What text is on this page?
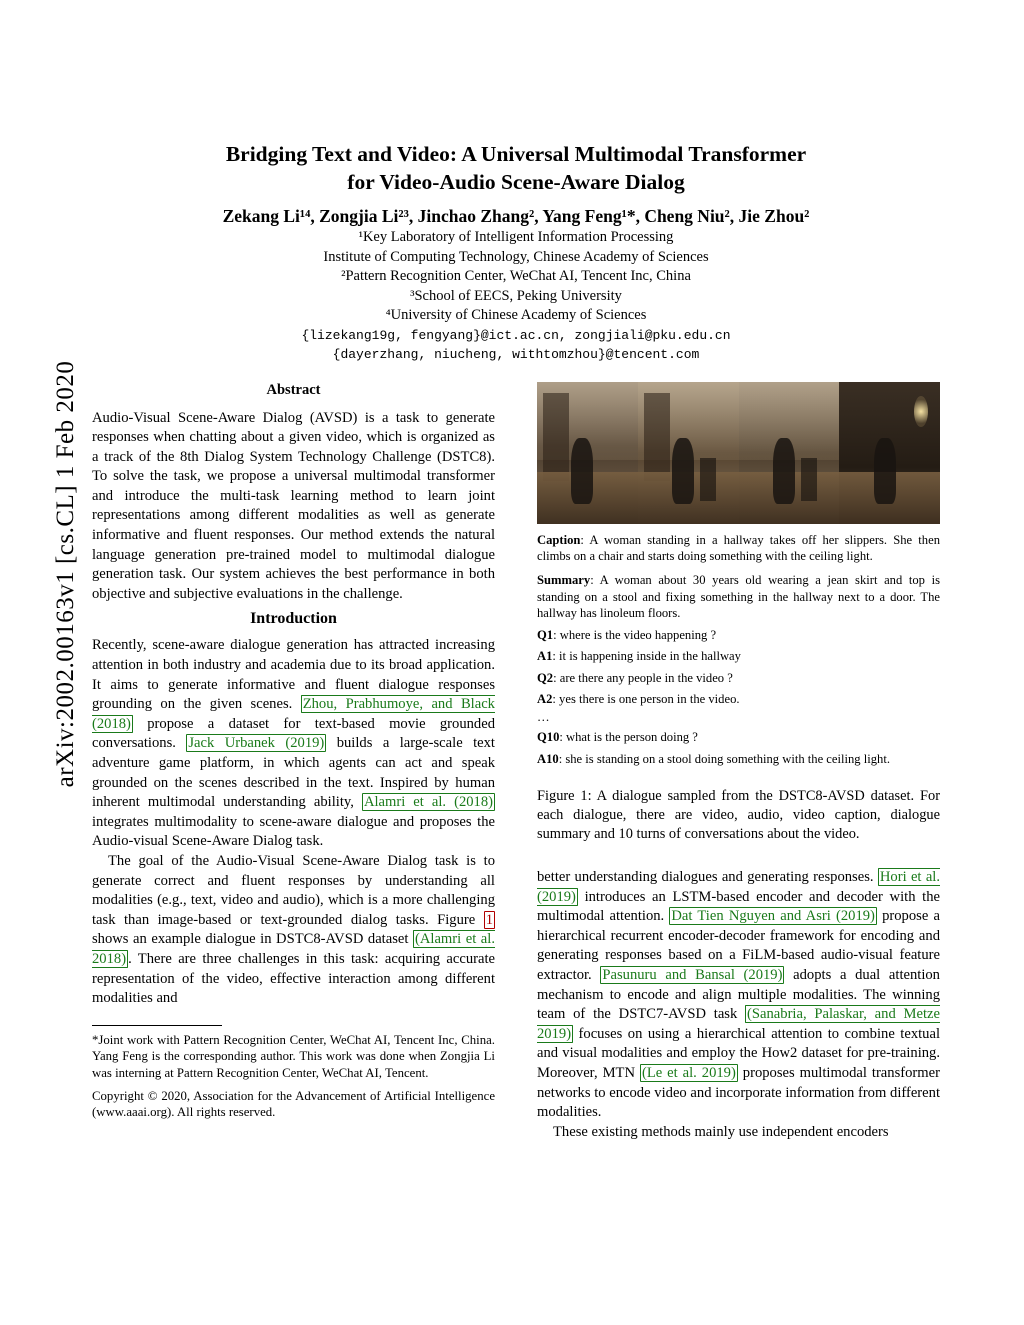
arXiv:2002.00163v1 [cs.CL] 1 Feb 2020
Bridging Text and Video: A Universal Multimodal Transformer
for Video-Audio Scene-Aware Dialog
Zekang Li¹⁴, Zongjia Li²³, Jinchao Zhang², Yang Feng¹*, Cheng Niu², Jie Zhou²
¹Key Laboratory of Intelligent Information Processing
Institute of Computing Technology, Chinese Academy of Sciences
²Pattern Recognition Center, WeChat AI, Tencent Inc, China
³School of EECS, Peking University
⁴University of Chinese Academy of Sciences
{lizekang19g, fengyang}@ict.ac.cn, zongjiali@pku.edu.cn
{dayerzhang, niucheng, withtomzhou}@tencent.com
Abstract

Audio-Visual Scene-Aware Dialog (AVSD) is a task to generate responses when chatting about a given video, which is organized as a track of the 8th Dialog System Technology Challenge (DSTC8). To solve the task, we propose a universal multimodal transformer and introduce the multi-task learning method to learn joint representations among different modalities as well as generate informative and fluent responses. Our method extends the natural language generation pre-trained model to multimodal dialogue generation task. Our system achieves the best performance in both objective and subjective evaluations in the challenge.

Introduction

Recently, scene-aware dialogue generation has attracted increasing attention in both industry and academia due to its broad application. It aims to generate informative and fluent dialogue responses grounding on the given scenes. Zhou, Prabhumoye, and Black (2018) propose a dataset for text-based movie grounded conversations. Jack Urbanek (2019) builds a large-scale text adventure game platform, in which agents can act and speak grounded on the scenes described in the text. Inspired by human inherent multimodal understanding ability, Alamri et al. (2018) integrates multimodality to scene-aware dialogue and proposes the Audio-visual Scene-Aware Dialog task.

The goal of the Audio-Visual Scene-Aware Dialog task is to generate correct and fluent responses by understanding all modalities (e.g., text, video and audio), which is a more challenging task than image-based or text-grounded dialog tasks. Figure 1 shows an example dialogue in DSTC8-AVSD dataset (Alamri et al. 2018) . There are three challenges in this task: acquiring accurate representation of the video, effective interaction among different modalities and

*Joint work with Pattern Recognition Center, WeChat AI, Tencent Inc, China. Yang Feng is the corresponding author. This work was done when Zongjia Li was interning at Pattern Recognition Center, WeChat AI, Tencent.

Copyright © 2020, Association for the Advancement of Artificial Intelligence (www.aaai.org). All rights reserved.

Caption: A woman standing in a hallway takes off her slippers. She then climbs on a chair and starts doing something with the ceiling light.

Summary: A woman about 30 years old wearing a jean skirt and top is standing on a stool and fixing something in the hallway next to a door. The hallway has linoleum floors.

Q1: where is the video happening ?

A1: it is happening inside in the hallway

Q2: are there any people in the video ?

A2: yes there is one person in the video.

…

Q10: what is the person doing ?

A10: she is standing on a stool doing something with the ceiling light.

Figure 1: A dialogue sampled from the DSTC8-AVSD dataset. For each dialogue, there are video, audio, video caption, dialogue summary and 10 turns of conversations about the video.

better understanding dialogues and generating responses. Hori et al. (2019) introduces an LSTM-based encoder and decoder with the multimodal attention. Dat Tien Nguyen and Asri (2019) propose a hierarchical recurrent encoder-decoder framework for encoding and generating responses based on a FiLM-based audio-visual feature extractor. Pasunuru and Bansal (2019) adopts a dual attention mechanism to encode and align multiple modalities. The winning team of the DSTC7-AVSD task (Sanabria, Palaskar, and Metze 2019) focuses on using a hierarchical attention to combine textual and visual modalities and employ the How2 dataset for pre-training. Moreover, MTN (Le et al. 2019) proposes multimodal transformer networks to encode video and incorporate information from different modalities.

These existing methods mainly use independent encoders
